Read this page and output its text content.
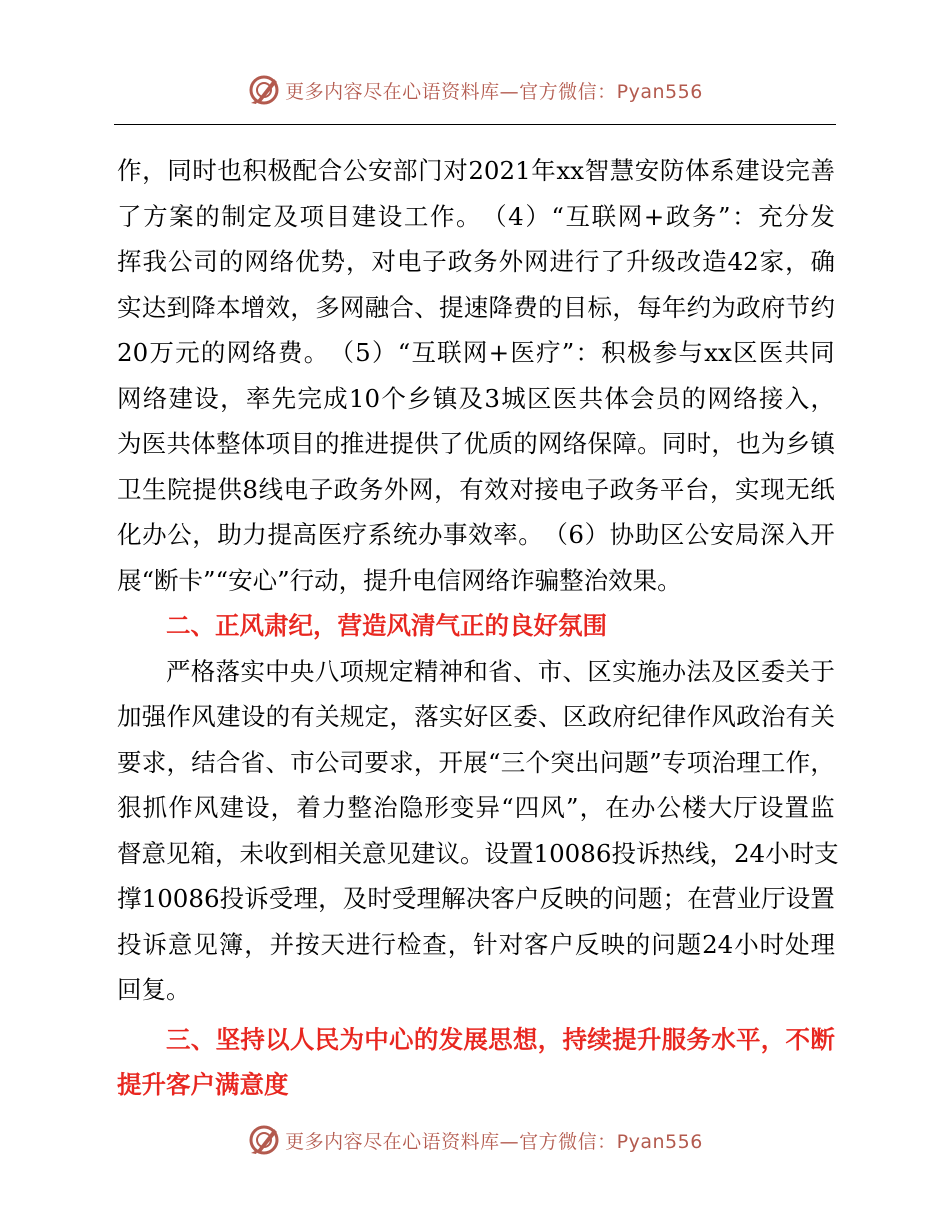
更多内容尽在心语资料库—官方微信：Pyan556
作 ， 同 时 也 积 极 配 合 公 安 部 门 对 2021 年 xx 智 慧 安 防 体 系 建 设 完 善
了 方 案 的 制 定 及 项 目 建 设 工 作 。 （ 4 ） “ 互 联 网 + 政 务 ” ： 充 分 发
挥 我 公 司 的 网 络 优 势 ， 对 电 子 政 务 外 网 进 行 了 升 级 改 造 42 家 ， 确
实 达 到 降 本 增 效 ， 多 网 融 合 、 提 速 降 费 的 目 标 ， 每 年 约 为 政 府 节 约
20 万 元 的 网 络 费 。 （ 5 ） “ 互 联 网 + 医 疗 ” ： 积 极 参 与 xx 区 医 共 同
网 络 建 设 ， 率 先 完 成 10 个 乡 镇 及 3 城 区 医 共 体 会 员 的 网 络 接 入 ，
为 医 共 体 整 体 项 目 的 推 进 提 供 了 优 质 的 网 络 保 障 。 同 时 ， 也 为 乡 镇
卫 生 院 提 供 8 线 电 子 政 务 外 网 ， 有 效 对 接 电 子 政 务 平 台 ， 实 现 无 纸
化 办 公 ， 助 力 提 高 医 疗 系 统 办 事 效 率 。 （ 6 ） 协 助 区 公 安 局 深 入 开
展“断卡”“安心”行动，提升电信网络诈骗整治效果。
二、正风肃纪，营造风清气正的良好氛围
严 格 落 实 中 央 八 项 规 定 精 神 和 省 、 市 、 区 实 施 办 法 及 区 委 关 于
加 强 作 风 建 设 的 有 关 规 定 ， 落 实 好 区 委 、 区 政 府 纪 律 作 风 政 治 有 关
要 求 ， 结 合 省 、 市 公 司 要 求 ， 开 展 “ 三 个 突 出 问 题 ” 专 项 治 理 工 作 ，
狠 抓 作 风 建 设 ， 着 力 整 治 隐 形 变 异 “ 四 风 ” ， 在 办 公 楼 大 厅 设 置 监
督 意 见 箱 ， 未 收 到 相 关 意 见 建 议 。 设 置 10086 投 诉 热 线 ， 24 小 时 支
撑 10086 投 诉 受 理 ， 及 时 受 理 解 决 客 户 反 映 的 问 题 ； 在 营 业 厅 设 置
投 诉 意 见 簿 ， 并 按 天 进 行 检 查 ， 针 对 客 户 反 映 的 问 题 24 小 时 处 理
回复。
三 、 坚 持 以 人 民 为 中 心 的 发 展 思 想 ， 持 续 提 升 服 务 水 平 ， 不 断
提升客户满意度
更多内容尽在心语资料库—官方微信：Pyan556
